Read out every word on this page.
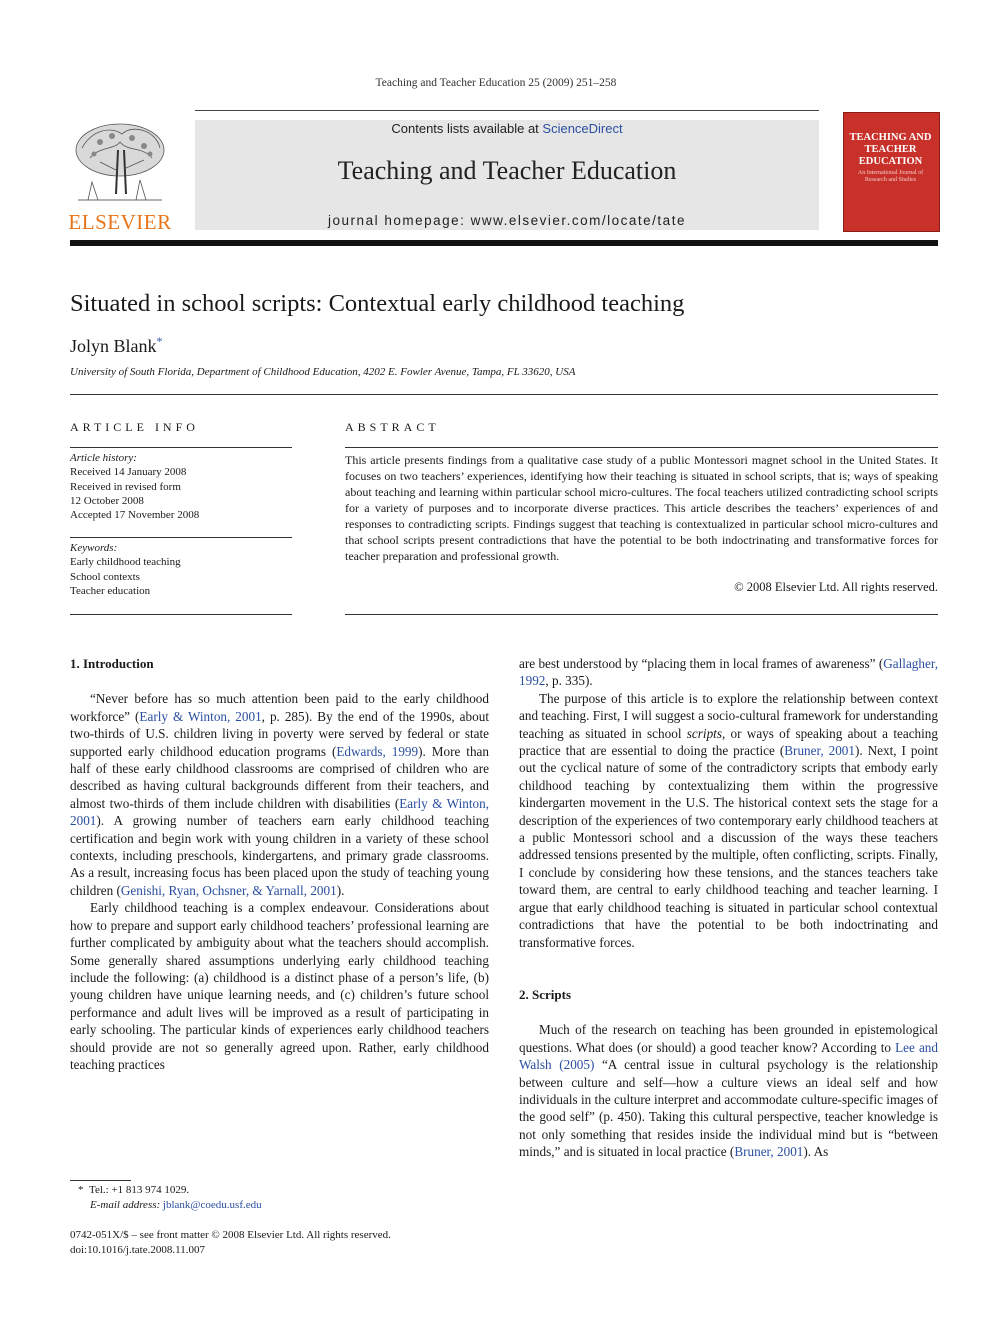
Teaching and Teacher Education 25 (2009) 251–258
ELSEVIER
Contents lists available at ScienceDirect
Teaching and Teacher Education
journal homepage: www.elsevier.com/locate/tate
TEACHING AND TEACHER EDUCATION
An International Journal of Research and Studies
Situated in school scripts: Contextual early childhood teaching
Jolyn Blank*
University of South Florida, Department of Childhood Education, 4202 E. Fowler Avenue, Tampa, FL 33620, USA
ARTICLE INFO
Article history:
Received 14 January 2008
Received in revised form
12 October 2008
Accepted 17 November 2008
Keywords:
Early childhood teaching
School contexts
Teacher education
ABSTRACT
This article presents findings from a qualitative case study of a public Montessori magnet school in the United States. It focuses on two teachers’ experiences, identifying how their teaching is situated in school scripts, that is; ways of speaking about teaching and learning within particular school micro-cultures. The focal teachers utilized contradicting school scripts for a variety of purposes and to incorporate diverse practices. This article describes the teachers’ experiences of and responses to contradicting scripts. Findings suggest that teaching is contextualized in particular school micro-cultures and that school scripts present contradictions that have the potential to be both indoctrinating and transformative forces for teacher preparation and professional growth.
© 2008 Elsevier Ltd. All rights reserved.
1. Introduction

“Never before has so much attention been paid to the early childhood workforce” (Early & Winton, 2001, p. 285). By the end of the 1990s, about two-thirds of U.S. children living in poverty were served by federal or state supported early childhood education programs (Edwards, 1999). More than half of these early childhood classrooms are comprised of children who are described as having cultural backgrounds different from their teachers, and almost two-thirds of them include children with disabilities (Early & Winton, 2001). A growing number of teachers earn early childhood teaching certification and begin work with young children in a variety of these school contexts, including preschools, kindergartens, and primary grade classrooms. As a result, increasing focus has been placed upon the study of teaching young children (Genishi, Ryan, Ochsner, & Yarnall, 2001).

Early childhood teaching is a complex endeavour. Considerations about how to prepare and support early childhood teachers’ professional learning are further complicated by ambiguity about what the teachers should accomplish. Some generally shared assumptions underlying early childhood teaching include the following: (a) childhood is a distinct phase of a person’s life, (b) young children have unique learning needs, and (c) children’s future school performance and adult lives will be improved as a result of participating in early schooling. The particular kinds of experiences early childhood teachers should provide are not so generally agreed upon. Rather, early childhood teaching practices

are best understood by “placing them in local frames of awareness” (Gallagher, 1992, p. 335).

The purpose of this article is to explore the relationship between context and teaching. First, I will suggest a socio-cultural framework for understanding teaching as situated in school scripts, or ways of speaking about a teaching practice that are essential to doing the practice (Bruner, 2001). Next, I point out the cyclical nature of some of the contradictory scripts that embody early childhood teaching by contextualizing them within the progressive kindergarten movement in the U.S. The historical context sets the stage for a description of the experiences of two contemporary early childhood teachers at a public Montessori school and a discussion of the ways these teachers addressed tensions presented by the multiple, often conflicting, scripts. Finally, I conclude by considering how these tensions, and the stances teachers take toward them, are central to early childhood teaching and teacher learning. I argue that early childhood teaching is situated in particular school contextual contradictions that have the potential to be both indoctrinating and transformative forces.

2. Scripts

Much of the research on teaching has been grounded in epistemological questions. What does (or should) a good teacher know? According to Lee and Walsh (2005) “A central issue in cultural psychology is the relationship between culture and self—how a culture views an ideal self and how individuals in the culture interpret and accommodate culture-specific images of the good self” (p. 450). Taking this cultural perspective, teacher knowledge is not only something that resides inside the individual mind but is “between minds,” and is situated in local practice (Bruner, 2001). As

* Tel.: +1 813 974 1029.
E-mail address: jblank@coedu.usf.edu
0742-051X/$ – see front matter © 2008 Elsevier Ltd. All rights reserved.
doi:10.1016/j.tate.2008.11.007
